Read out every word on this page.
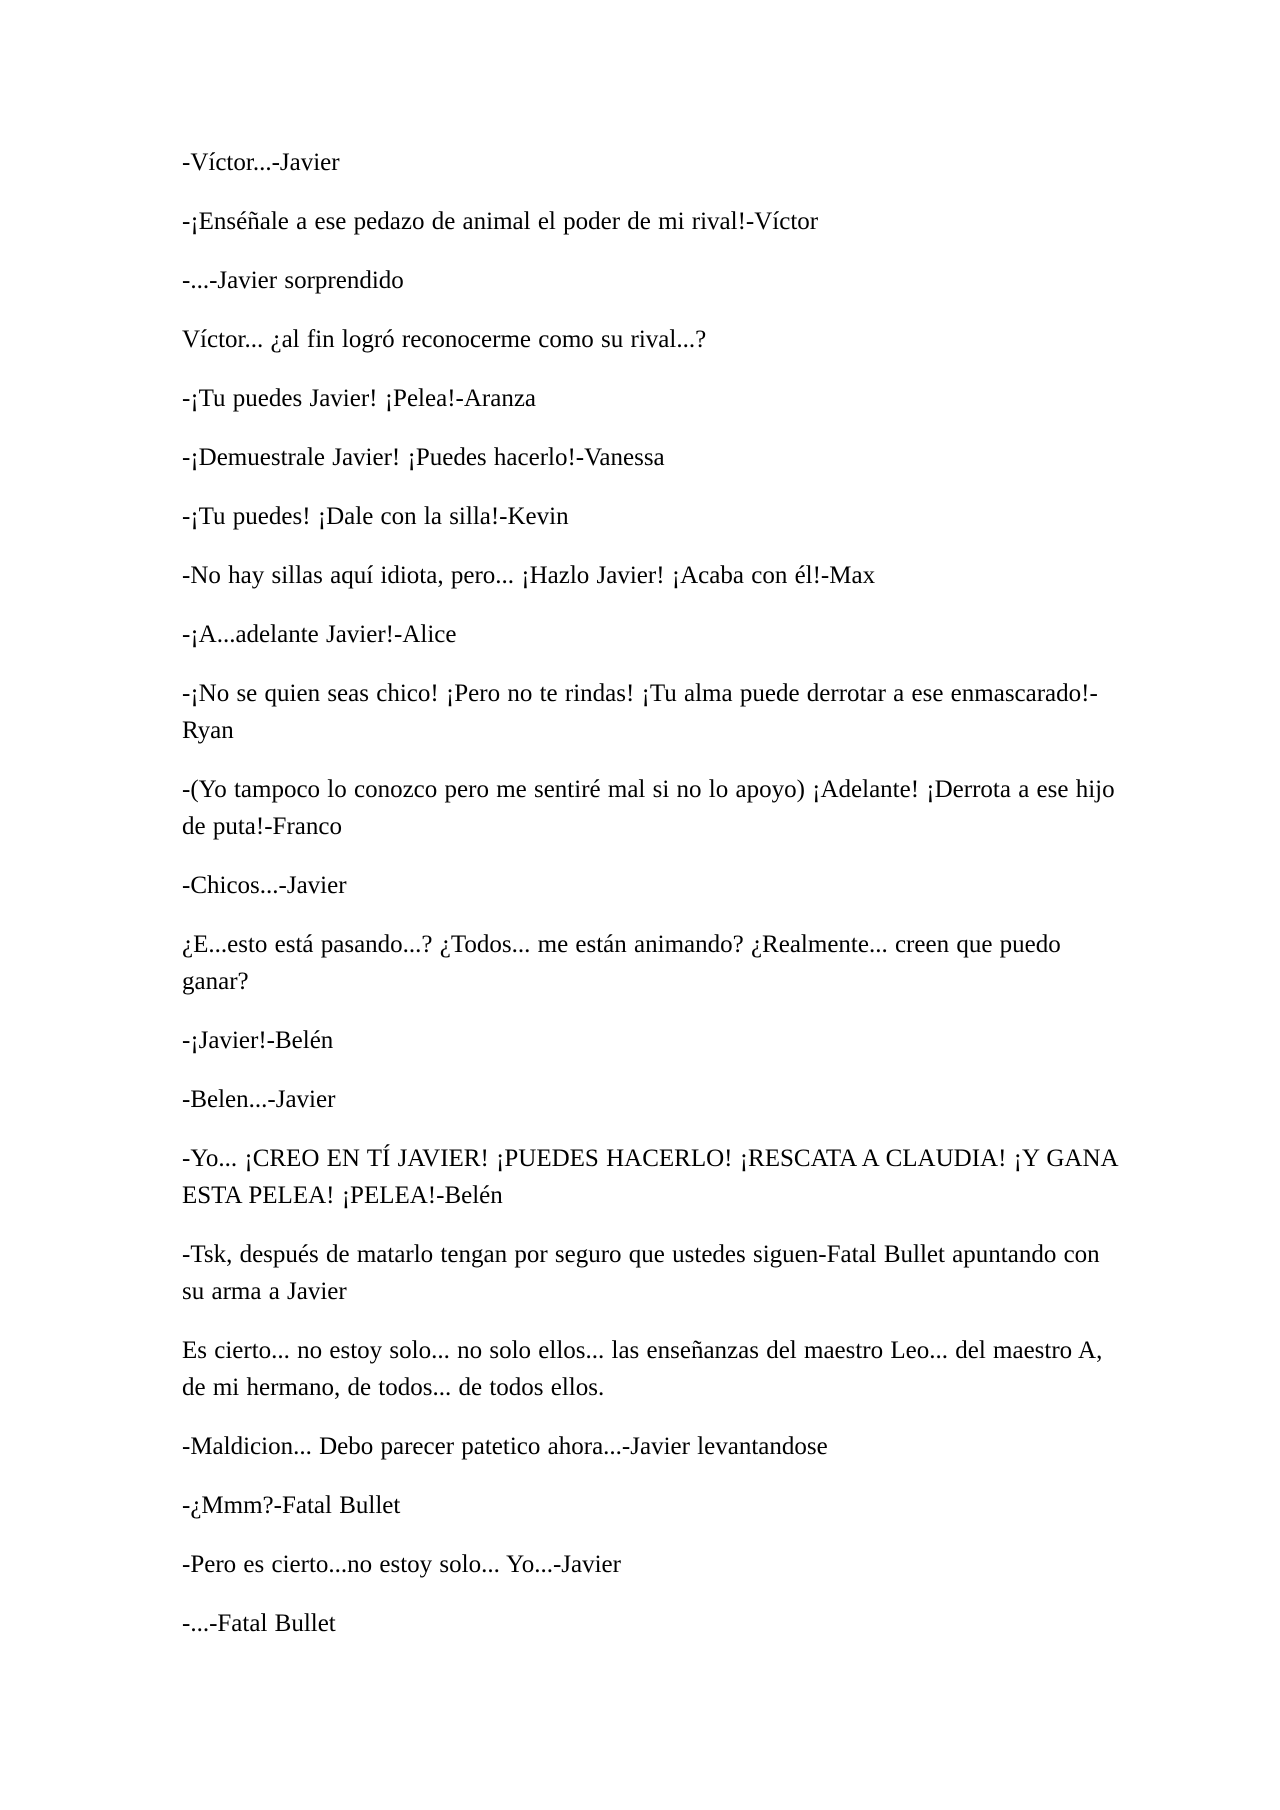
-Víctor...-Javier

-¡Enséñale a ese pedazo de animal el poder de mi rival!-Víctor

-...-Javier sorprendido

Víctor... ¿al fin logró reconocerme como su rival...?

-¡Tu puedes Javier! ¡Pelea!-Aranza

-¡Demuestrale Javier! ¡Puedes hacerlo!-Vanessa

-¡Tu puedes! ¡Dale con la silla!-Kevin

-No hay sillas aquí idiota, pero... ¡Hazlo Javier! ¡Acaba con él!-Max

-¡A...adelante Javier!-Alice

-¡No se quien seas chico! ¡Pero no te rindas! ¡Tu alma puede derrotar a ese enmascarado!-Ryan

-(Yo tampoco lo conozco pero me sentiré mal si no lo apoyo) ¡Adelante! ¡Derrota a ese hijo de puta!-Franco

-Chicos...-Javier

¿E...esto está pasando...? ¿Todos... me están animando? ¿Realmente... creen que puedo ganar?

-¡Javier!-Belén

-Belen...-Javier

-Yo... ¡CREO EN TÍ JAVIER! ¡PUEDES HACERLO! ¡RESCATA A CLAUDIA! ¡Y GANA ESTA PELEA! ¡PELEA!-Belén

-Tsk, después de matarlo tengan por seguro que ustedes siguen-Fatal Bullet apuntando con su arma a Javier

Es cierto... no estoy solo... no solo ellos... las enseñanzas del maestro Leo... del maestro A, de mi hermano, de todos... de todos ellos.

-Maldicion... Debo parecer patetico ahora...-Javier levantandose

-¿Mmm?-Fatal Bullet

-Pero es cierto...no estoy solo... Yo...-Javier

-...-Fatal Bullet
